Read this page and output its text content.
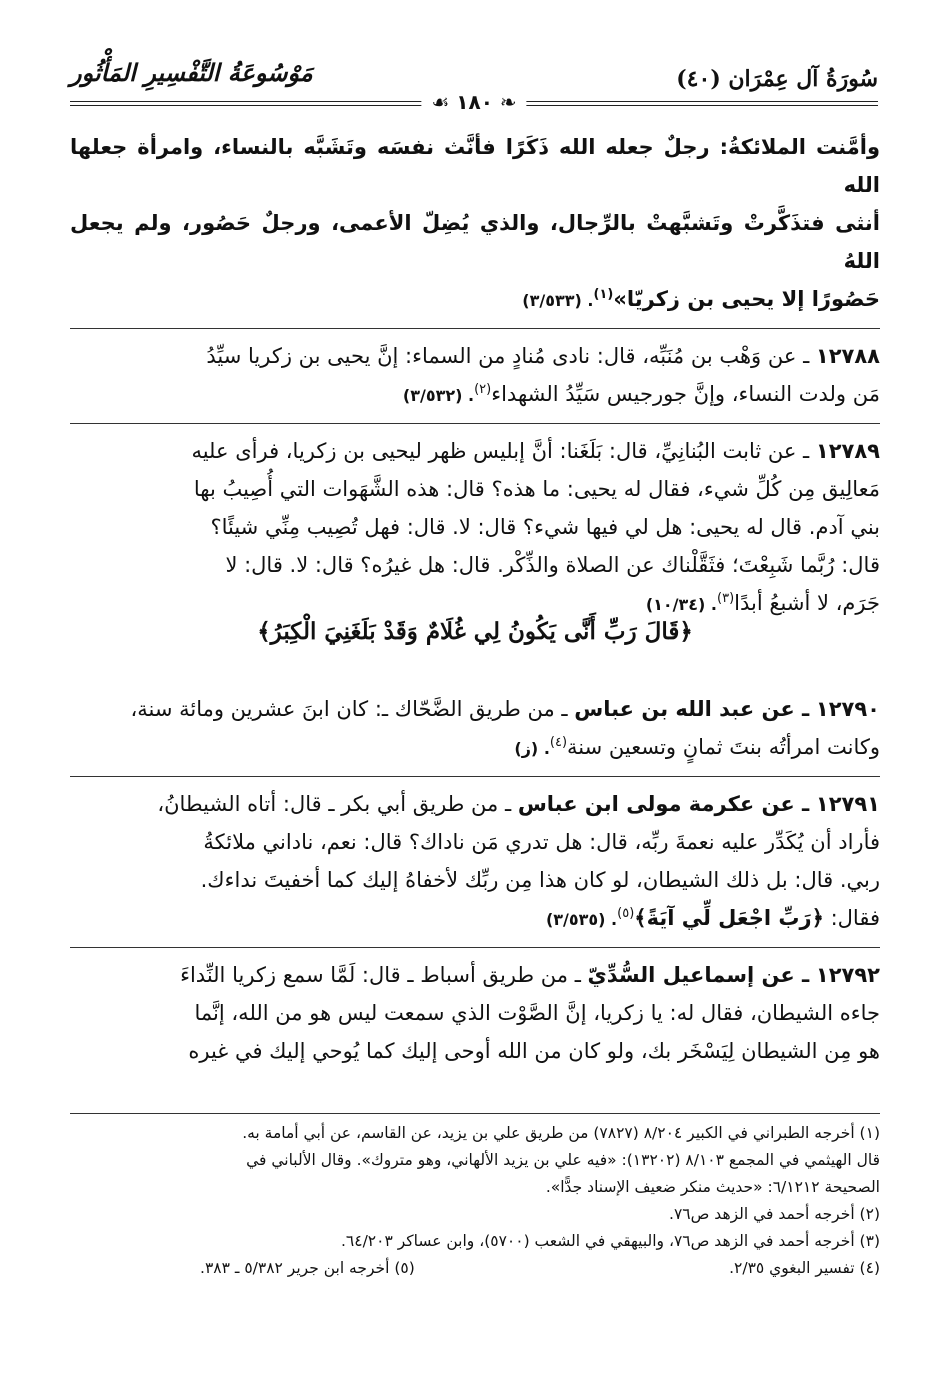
سُورَةُ آل عِمْرَان (٤٠)
مَوْسُوعَةُ التَّفْسِيرِ المَأْثُور
❧ ١٨٠ ☙

وأمَّنت الملائكةُ: رجلٌ جعله الله ذَكَرًا فأنَّث نفسَه وتَشَبَّه بالنساء، وامرأة جعلها الله
أنثى فتذَكَّرتْ وتَشبَّهتْ بالرِّجال، والذي يُضِلّ الأعمى، ورجلٌ حَصُور، ولم يجعل اللهُ
حَصُورًا إلا يحيى بن زكريّا»$^{(١)}$. (٣/٥٣٣)

١٢٧٨٨ ـ عن وَهْب بن مُنَبِّه، قال: نادى مُنادٍ من السماء: إنَّ يحيى بن زكريا سيِّدُ
مَن ولدت النساء، وإنَّ جورجيس سَيِّدُ الشهداء$^{(٢)}$. (٣/٥٣٢)

١٢٧٨٩ ـ عن ثابت البُنانِيِّ، قال: بَلَغَنا: أنَّ إبليس ظهر ليحيى بن زكريا، فرأى عليه
مَعالِيق مِن كُلِّ شيء، فقال له يحيى: ما هذه؟ قال: هذه الشَّهَوات التي أُصِيبُ بها
بني آدم. قال له يحيى: هل لي فيها شيء؟ قال: لا. قال: فهل تُصِيب مِنِّي شيئًا؟
قال: رُبَّما شَبِعْتَ؛ فثَقَّلْناك عن الصلاة والذِّكْر. قال: هل غيرُه؟ قال: لا. قال: لا
جَرَم، لا أشبعُ أبدًا$^{(٣)}$. (١٠/٣٤)

﴿قَالَ رَبِّ أَنَّى يَكُونُ لِي غُلَامٌ وَقَدْ بَلَغَنِيَ الْكِبَرُ﴾

١٢٧٩٠ ـ عن عبد الله بن عباس ـ من طريق الضَّحّاك ـ: كان ابنَ عشرين ومائة سنة،
وكانت امرأتُه بنتَ ثمانٍ وتسعين سنة$^{(٤)}$. (ز)

١٢٧٩١ ـ عن عكرمة مولى ابن عباس ـ من طريق أبي بكر ـ قال: أتاه الشيطانُ،
فأراد أن يُكَدِّر عليه نعمةَ ربِّه، قال: هل تدري مَن ناداك؟ قال: نعم، ناداني ملائكةُ
ربي. قال: بل ذلك الشيطان، لو كان هذا مِن ربِّك لأخفاهُ إليك كما أخفيتَ نداءك.
فقال: ﴿رَبِّ اجْعَل لِّي آيَةً﴾$^{(٥)}$. (٣/٥٣٥)

١٢٧٩٢ ـ عن إسماعيل السُّدِّيّ ـ من طريق أسباط ـ قال: لَمَّا سمع زكريا النِّداءَ
جاءه الشيطان، فقال له: يا زكريا، إنَّ الصَّوْت الذي سمعت ليس هو من الله، إنَّما
هو مِن الشيطان لِيَسْخَر بك، ولو كان من الله أوحى إليك كما يُوحي إليك في غيره

(١) أخرجه الطبراني في الكبير ٨/٢٠٤ (٧٨٢٧) من طريق علي بن يزيد، عن القاسم، عن أبي أمامة به.
قال الهيثمي في المجمع ٨/١٠٣ (١٣٢٠٢): «فيه علي بن يزيد الألهاني، وهو متروك». وقال الألباني في
الصحيحة ٦/١٢١٢: «حديث منكر ضعيف الإسناد جدًّا».

(٢) أخرجه أحمد في الزهد ص٧٦.

(٣) أخرجه أحمد في الزهد ص٧٦، والبيهقي في الشعب (٥٧٠٠)، وابن عساكر ٦٤/٢٠٣.

(٤) تفسير البغوي ٢/٣٥.
(٥) أخرجه ابن جرير ٥/٣٨٢ ـ ٣٨٣.
